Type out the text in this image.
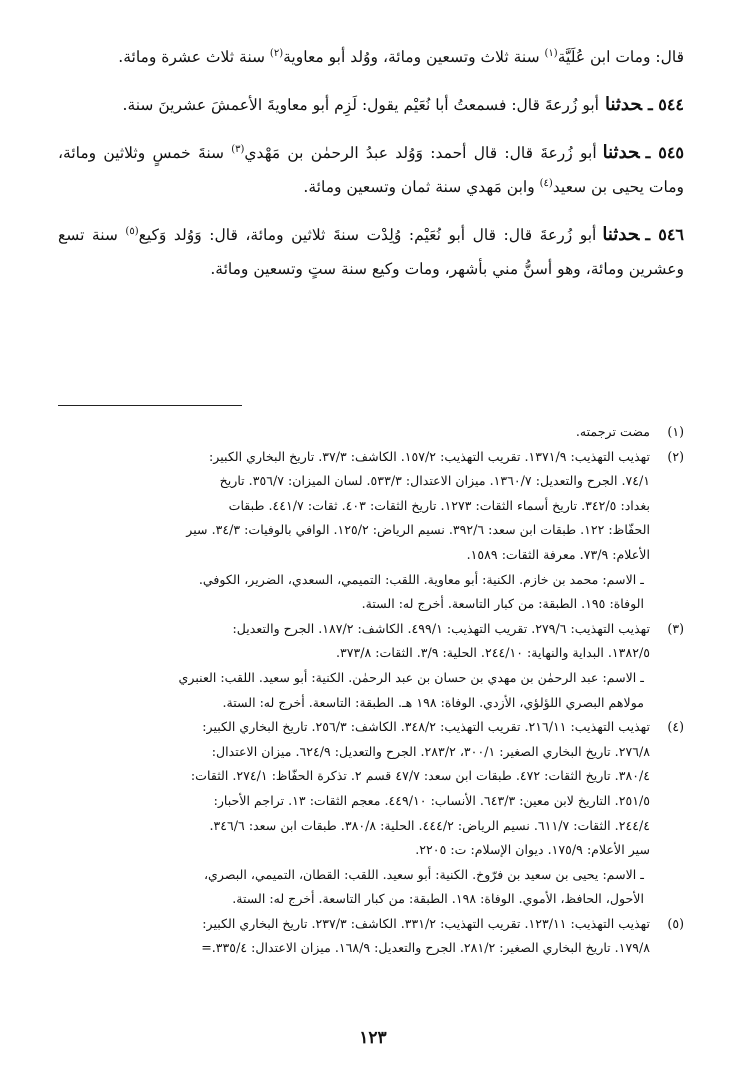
قال: ومات ابن عُلَيَّة$^{(١)}$ سنة ثلاث وتسعين ومائة، ووُلد أبو معاوية$^{(٢)}$ سنة ثلاث عشرة ومائة.

٥٤٤ ـحدثناأبو زُرعةَ قال: فسمعتُ أبا نُعَيْم يقول: لَزِم أبو معاويةَ الأعمشَ عشرينَ سنة.

٥٤٥ ـحدثناأبو زُرعةَ قال: قال أحمد: وَوُلد عبدُ الرحمٰن بن مَهْدي$^{(٣)}$ سنةَ خمسٍ وثلاثين ومائة، ومات يحيى بن سعيد$^{(٤)}$ وابن مَهدي سنة ثمان وتسعين ومائة.

٥٤٦ ـحدثناأبو زُرعةَ قال: قال أبو نُعَيْم: وُلِدْت سنةَ ثلاثين ومائة، قال: وَوُلد وَكيع$^{(٥)}$ سنة تسع وعشرين ومائة، وهو أسنُّ مني بأشهر، ومات وكيع سنة ستٍ وتسعين ومائة.

(١)
مضت ترجمته.
(٢)
تهذيب التهذيب: ١٣٧١/٩. تقريب التهذيب: ١٥٧/٢. الكاشف: ٣٧/٣. تاريخ البخاري الكبير:
٧٤/١. الجرح والتعديل: ١٣٦٠/٧. ميزان الاعتدال: ٥٣٣/٣. لسان الميزان: ٣٥٦/٧. تاريخ
بغداد: ٣٤٢/٥. تاريخ أسماء الثقات: ١٢٧٣. تاريخ الثقات: ٤٠٣. ثقات: ٤٤١/٧. طبقات
الحفّاظ: ١٢٢. طبقات ابن سعد: ٣٩٢/٦. نسيم الرياض: ١٢٥/٢. الوافي بالوفيات: ٣٤/٣. سير
الأعلام: ٧٣/٩. معرفة الثقات: ١٥٨٩.
ـ الاسم: محمد بن خازم. الكنية: أبو معاوية. اللقب: التميمي، السعدي، الضرير، الكوفي.
الوفاة: ١٩٥. الطبقة: من كبار التاسعة. أخرج له: الستة.
(٣)
تهذيب التهذيب: ٢٧٩/٦. تقريب التهذيب: ٤٩٩/١. الكاشف: ١٨٧/٢. الجرح والتعديل:
١٣٨٢/٥. البداية والنهاية: ٢٤٤/١٠. الحلية: ٣/٩. الثقات: ٣٧٣/٨.
ـ الاسم: عبد الرحمٰن بن مهدي بن حسان بن عبد الرحمٰن. الكنية: أبو سعيد. اللقب: العنبري
مولاهم البصري اللؤلؤي، الأزدي. الوفاة: ١٩٨ هـ. الطبقة: التاسعة. أخرج له: الستة.
(٤)
تهذيب التهذيب: ٢١٦/١١. تقريب التهذيب: ٣٤٨/٢. الكاشف: ٢٥٦/٣. تاريخ البخاري الكبير:
٢٧٦/٨. تاريخ البخاري الصغير: ٣٠٠/١، ٢٨٣/٢. الجرح والتعديل: ٦٢٤/٩. ميزان الاعتدال:
٣٨٠/٤. تاريخ الثقات: ٤٧٢. طبقات ابن سعد: ٤٧/٧ قسم ٢. تذكرة الحفّاظ: ٢٧٤/١. الثقات:
٢٥١/٥. التاريخ لابن معين: ٦٤٣/٣. الأنساب: ٤٤٩/١٠. معجم الثقات: ١٣. تراجم الأحبار:
٢٤٤/٤. الثقات: ٦١١/٧. نسيم الرياض: ٤٤٤/٢. الحلية: ٣٨٠/٨. طبقات ابن سعد: ٣٤٦/٦.
سير الأعلام: ١٧٥/٩. ديوان الإسلام: ت: ٢٢٠٥.
ـ الاسم: يحيى بن سعيد بن فرّوخ. الكنية: أبو سعيد. اللقب: القطان، التميمي، البصري،
الأحول، الحافظ، الأموي. الوفاة: ١٩٨. الطبقة: من كبار التاسعة. أخرج له: الستة.
(٥)
تهذيب التهذيب: ١٢٣/١١. تقريب التهذيب: ٣٣١/٢. الكاشف: ٢٣٧/٣. تاريخ البخاري الكبير:
١٧٩/٨. تاريخ البخاري الصغير: ٢٨١/٢. الجرح والتعديل: ١٦٨/٩. ميزان الاعتدال: ٣٣٥/٤.=
١٢٣
